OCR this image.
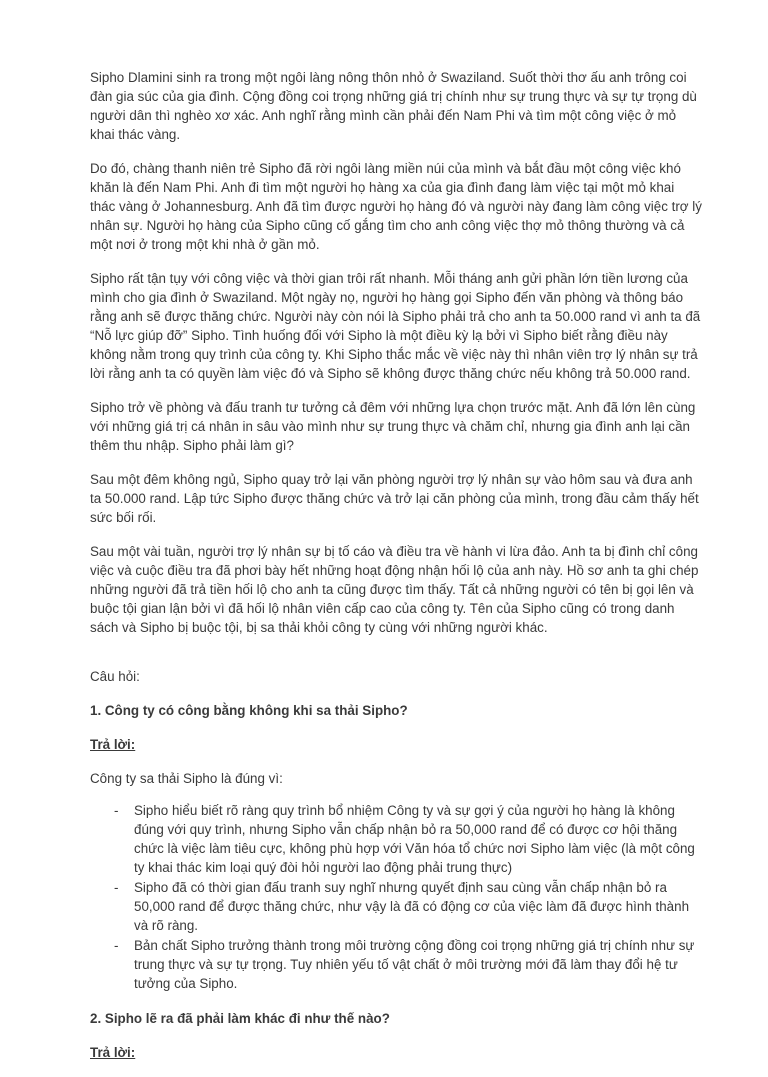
Sipho Dlamini sinh ra trong một ngôi làng nông thôn nhỏ ở Swaziland. Suốt thời thơ ấu anh trông coi đàn gia súc của gia đình. Cộng đồng coi trọng những giá trị chính như sự trung thực và sự tự trọng dù người dân thì nghèo xơ xác. Anh nghĩ rằng mình cần phải đến Nam Phi và tìm một công việc ở mỏ khai thác vàng.

Do đó, chàng thanh niên trẻ Sipho đã rời ngôi làng miền núi của mình và bắt đầu một công việc khó khăn là đến Nam Phi. Anh đi tìm một người họ hàng xa của gia đình đang làm việc tại một mỏ khai thác vàng ở Johannesburg. Anh đã tìm được người họ hàng đó và người này đang làm công việc trợ lý nhân sự. Người họ hàng của Sipho cũng cố gắng tìm cho anh công việc thợ mỏ thông thường và cả một nơi ở trong một khi nhà ở gần mỏ.

Sipho rất tận tụy với công việc và thời gian trôi rất nhanh. Mỗi tháng anh gửi phần lớn tiền lương của mình cho gia đình ở Swaziland. Một ngày nọ, người họ hàng gọi Sipho đến văn phòng và thông báo rằng anh sẽ được thăng chức. Người này còn nói là Sipho phải trả cho anh ta 50.000 rand vì anh ta đã “Nỗ lực giúp đỡ” Sipho. Tình huống đối với Sipho là một điều kỳ lạ bởi vì Sipho biết rằng điều này không nằm trong quy trình của công ty. Khi Sipho thắc mắc về việc này thì nhân viên trợ lý nhân sự trả lời rằng anh ta có quyền làm việc đó và Sipho sẽ không được thăng chức nếu không trả 50.000 rand.

Sipho trở về phòng và đấu tranh tư tưởng cả đêm với những lựa chọn trước mặt. Anh đã lớn lên cùng với những giá trị cá nhân in sâu vào mình như sự trung thực và chăm chỉ, nhưng gia đình anh lại cần thêm thu nhập. Sipho phải làm gì?

Sau một đêm không ngủ, Sipho quay trở lại văn phòng người trợ lý nhân sự vào hôm sau và đưa anh ta 50.000 rand. Lập tức Sipho được thăng chức và trở lại căn phòng của mình, trong đầu cảm thấy hết sức bối rối.

Sau một vài tuần, người trợ lý nhân sự bị tố cáo và điều tra về hành vi lừa đảo. Anh ta bị đình chỉ công việc và cuộc điều tra đã phơi bày hết những hoạt động nhận hối lộ của anh này. Hồ sơ anh ta ghi chép những người đã trả tiền hối lộ cho anh ta cũng được tìm thấy. Tất cả những người có tên bị gọi lên và buộc tội gian lận bởi vì đã hối lộ nhân viên cấp cao của công ty. Tên của Sipho cũng có trong danh sách và Sipho bị buộc tội, bị sa thải khỏi công ty cùng với những người khác.

Câu hỏi:

1. Công ty có công bằng không khi sa thải Sipho?

Trả lời:

Công ty sa thải Sipho là đúng vì:

- Sipho hiểu biết rõ ràng quy trình bổ nhiệm Công ty và sự gợi ý của người họ hàng là không đúng với quy trình, nhưng Sipho vẫn chấp nhận bỏ ra 50,000 rand để có được cơ hội thăng chức là việc làm tiêu cực, không phù hợp với Văn hóa tổ chức nơi Sipho làm việc (là một công ty khai thác kim loại quý đòi hỏi người lao động phải trung thực)
- Sipho đã có thời gian đấu tranh suy nghĩ nhưng quyết định sau cùng vẫn chấp nhận bỏ ra 50,000 rand để được thăng chức, như vậy là đã có động cơ của việc làm đã được hình thành và rõ ràng.
- Bản chất Sipho trưởng thành trong môi trường cộng đồng coi trọng những giá trị chính như sự trung thực và sự tự trọng. Tuy nhiên yếu tố vật chất ở môi trường mới đã làm thay đổi hệ tư tưởng của Sipho.

2. Sipho lẽ ra đã phải làm khác đi như thế nào?

Trả lời:
